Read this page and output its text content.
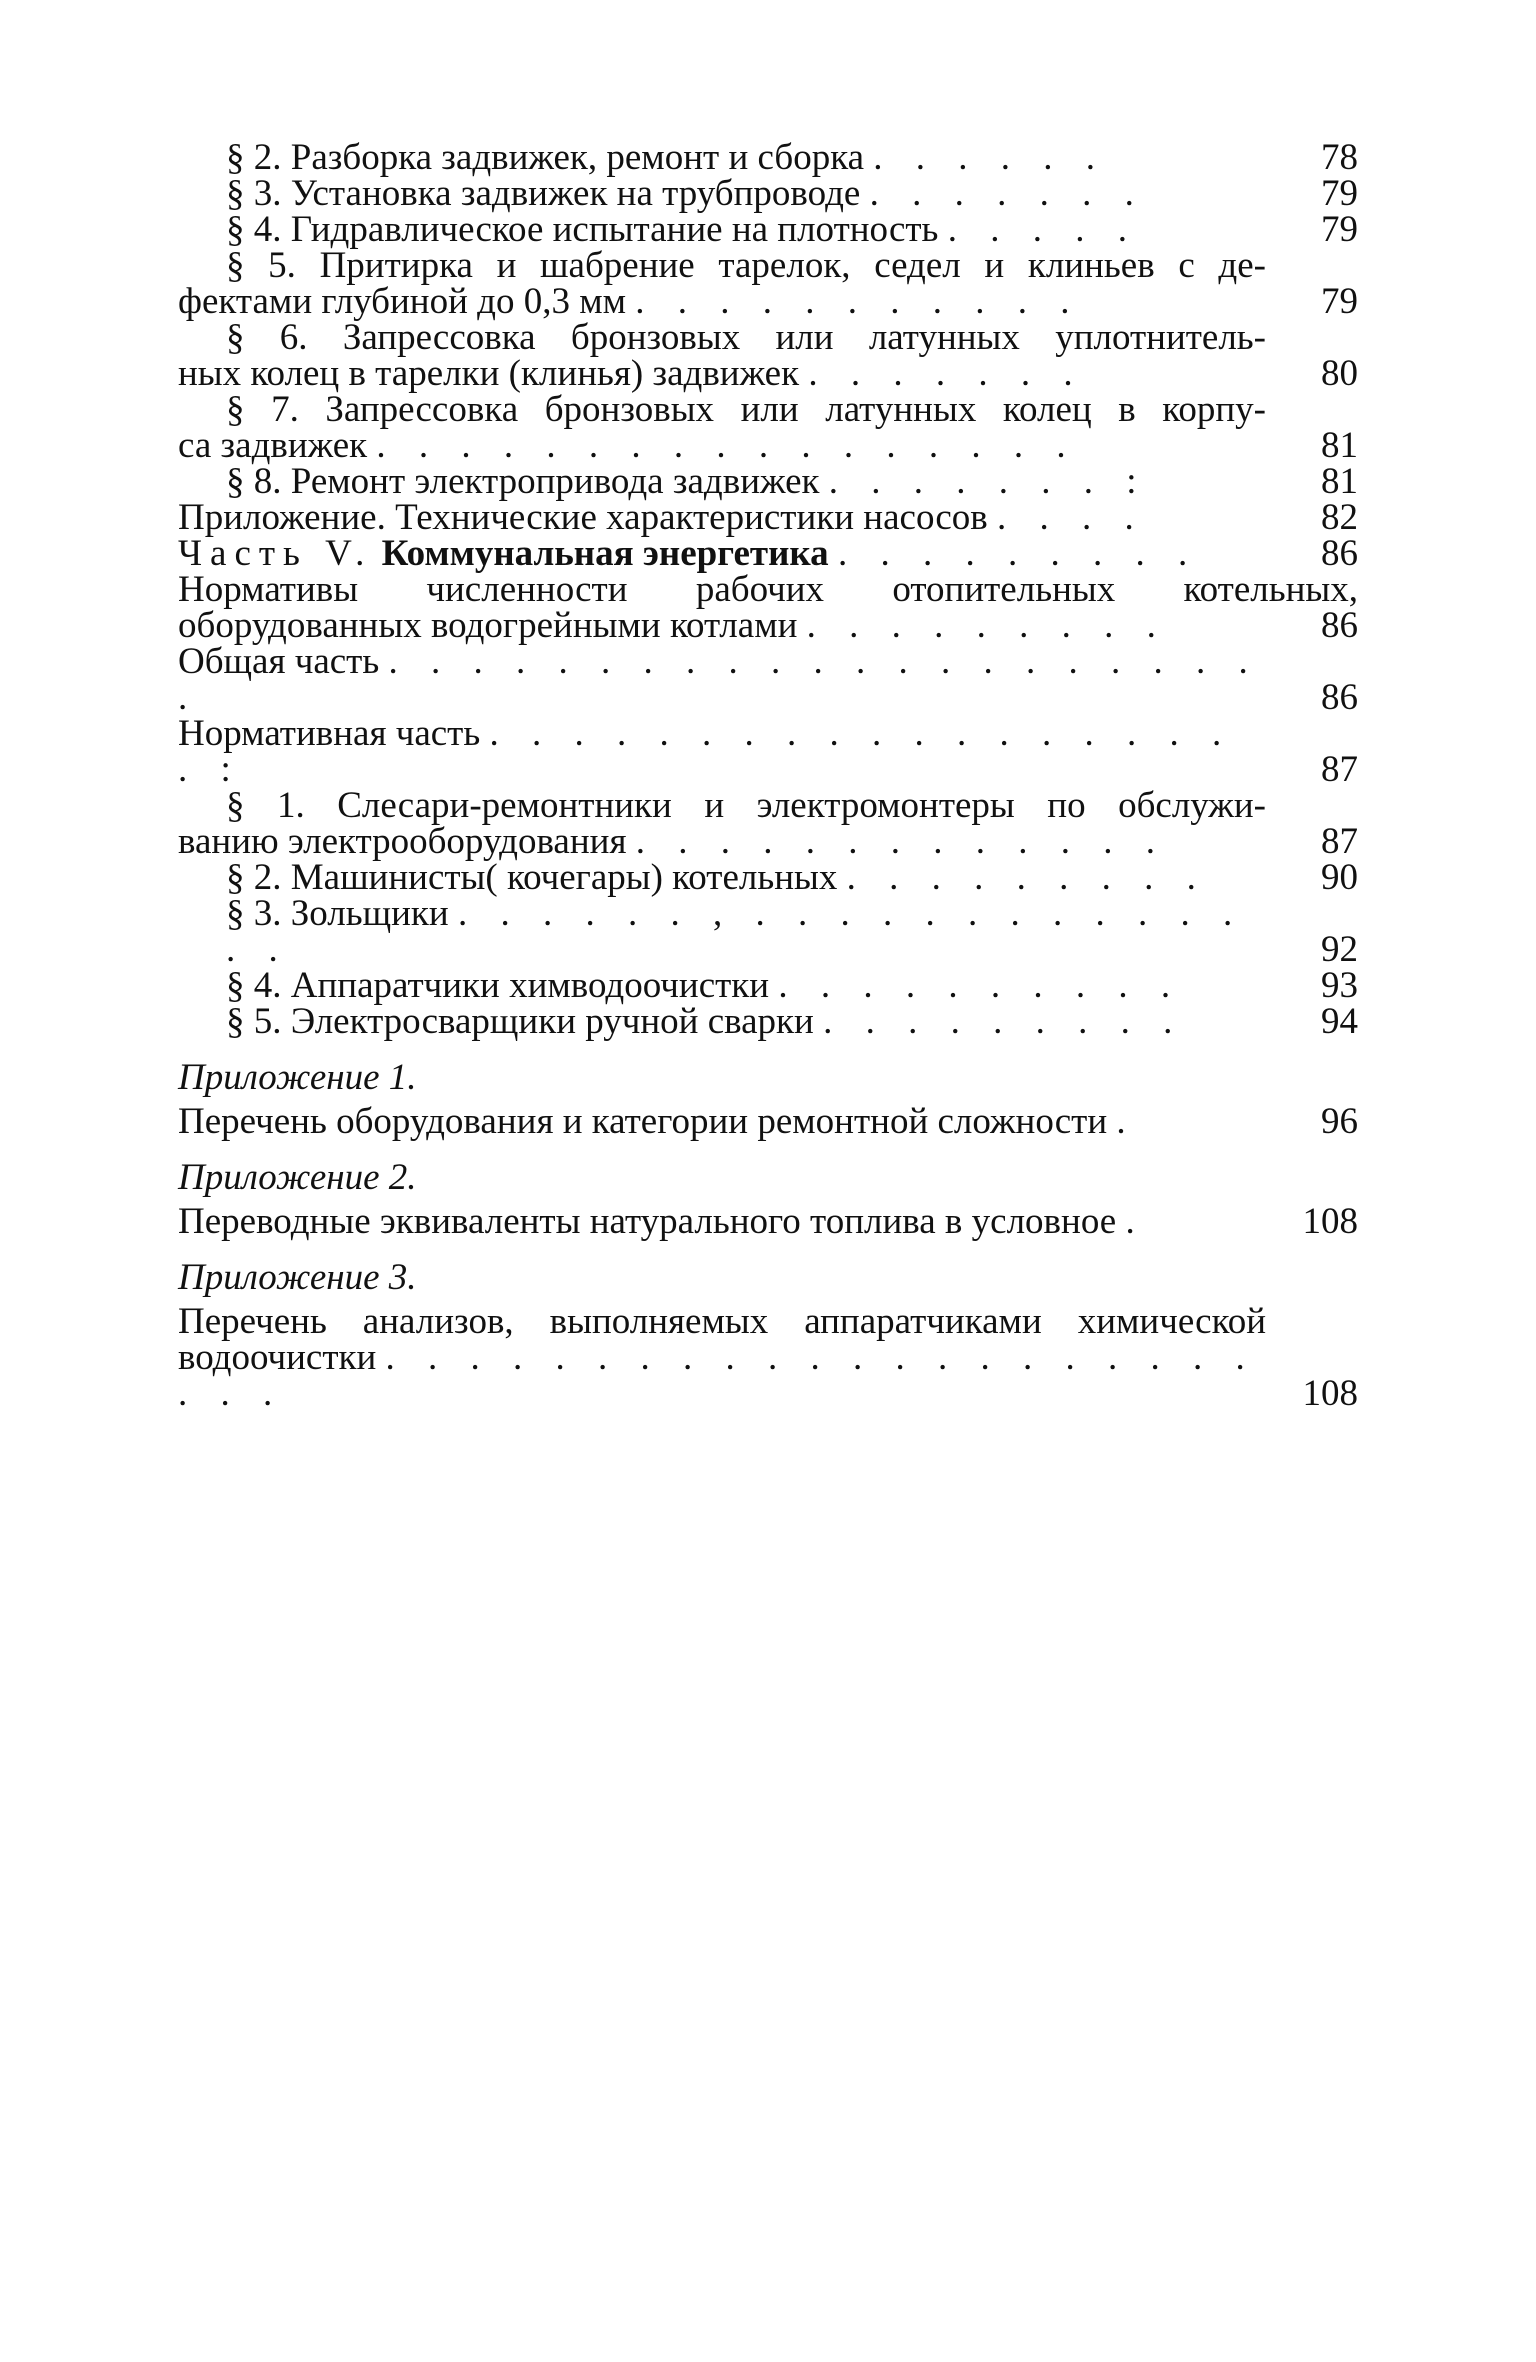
§ 2. Разборка задвижек, ремонт и сборка . . . . . .	78
§ 3. Установка задвижек на трубпроводе . . . . . . .	79
§ 4. Гидравлическое испытание на плотность . . . . .	79
§ 5. Притирка и шабрение тарелок, седел и клиньев с де-
фектами глубиной до 0,3 мм . . . . . . . . . . .	79
§ 6. Запрессовка бронзовых или латунных уплотнитель-
ных колец в тарелки (клинья) задвижек . . . . . . .	80
§ 7. Запрессовка бронзовых или латунных колец в корпу-
са задвижек . . . . . . . . . . . . . . . . .	81
§ 8. Ремонт электропривода задвижек . . . . . . . :	81
Приложение. Технические характеристики насосов . . . .	82
Часть V. Коммунальная энергетика . . . . . . . . .	86
Нормативы численности рабочих отопительных котельных,
оборудованных водогрейными котлами . . . . . . . . .	86
Общая часть . . . . . . . . . . . . . . . . . . . . . .	86
Нормативная часть . . . . . . . . . . . . . . . . . . . :	87
§ 1. Слесари-ремонтники и электромонтеры по обслужи-
ванию электрооборудования . . . . . . . . . . . . .	87
§ 2. Машинисты( кочегары) котельных . . . . . . . . .	90
§ 3. Зольщики . . . . . . , . . . . . . . . . . . . . .	92
§ 4. Аппаратчики химводоочистки . . . . . . . . . .	93
§ 5. Электросварщики ручной сварки . . . . . . . . .	94
Приложение 1.
Перечень оборудования и категории ремонтной сложности .	96
Приложение 2.
Переводные эквиваленты натурального топлива в условное .	108
Приложение 3.
Перечень анализов, выполняемых аппаратчиками химической
водоочистки . . . . . . . . . . . . . . . . . . . . . . . .	108
